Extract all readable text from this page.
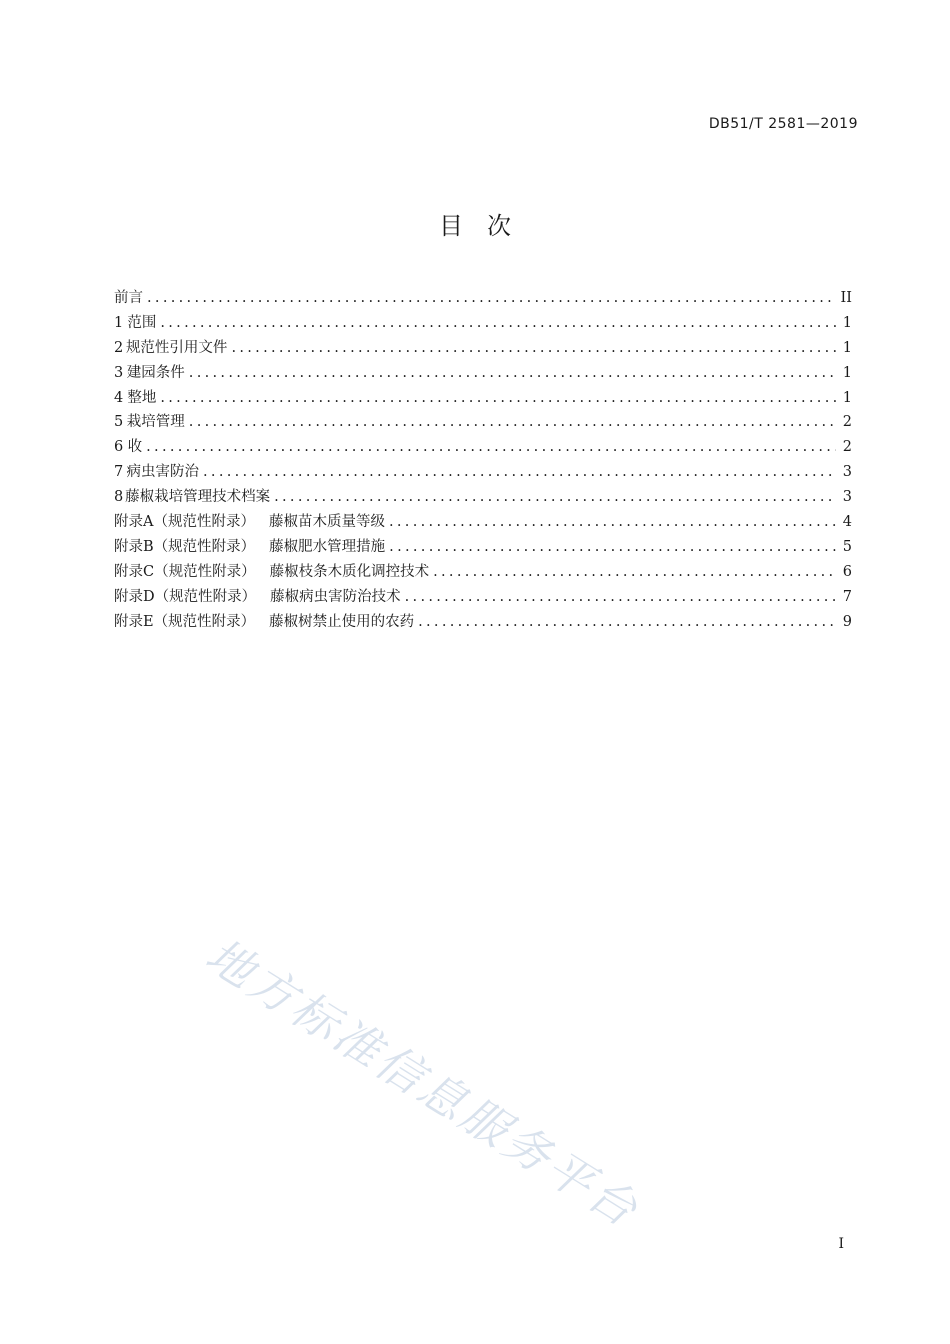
DB51/T 2581—2019
目　次
前言 .....	II
1 范围 .....	1
2 规范性引用文件 .....	1
3 建园条件 .....	1
4 整地 .....	1
5 栽培管理 .....	2
6 收 .....	2
7 病虫害防治 .....	3
8 藤椒栽培管理技术档案 .....	3
附录A（规范性附录） 藤椒苗木质量等级 .....	4
附录B（规范性附录） 藤椒肥水管理措施 .....	5
附录C（规范性附录） 藤椒枝条木质化调控技术 .....	6
附录D（规范性附录） 藤椒病虫害防治技术 .....	7
附录E（规范性附录） 藤椒树禁止使用的农药 .....	9
地方标准信息服务平台
I
